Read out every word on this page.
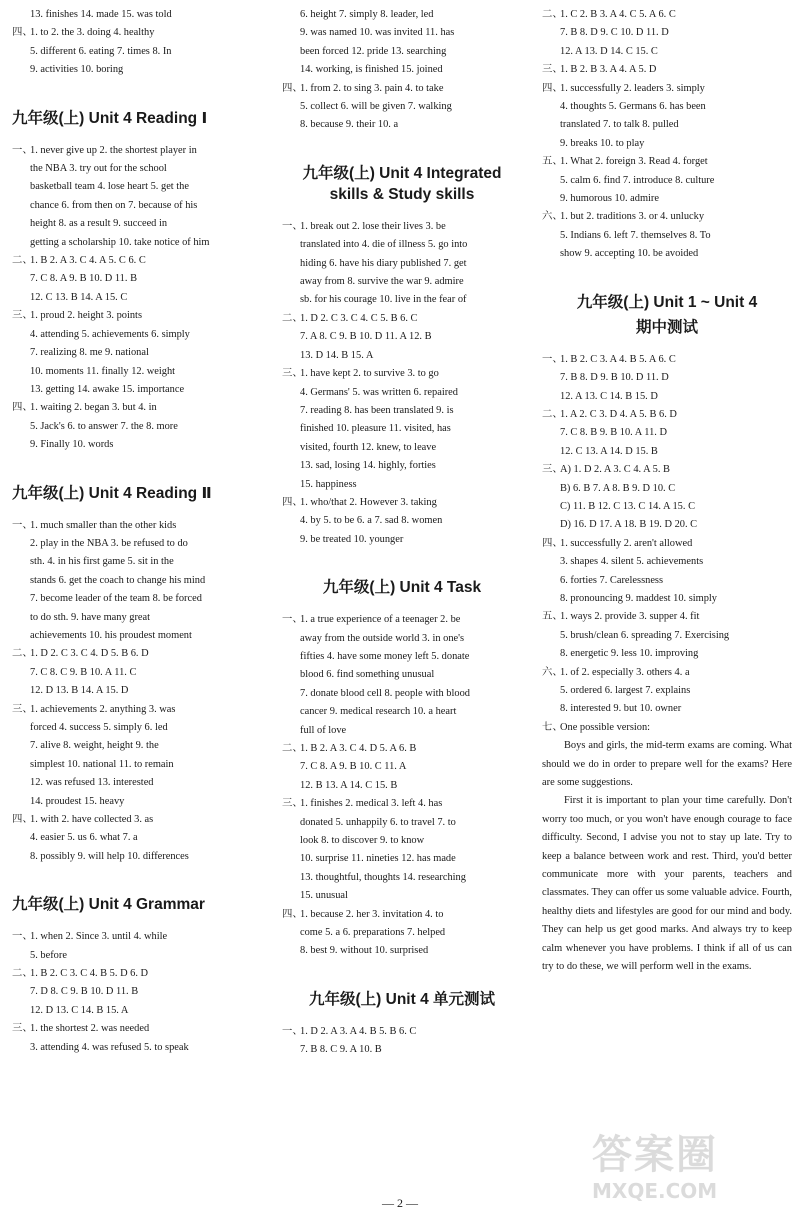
13. finishes 14. made 15. was told
四、1. to 2. the 3. doing 4. healthy
5. different 6. eating 7. times 8. In
9. activities 10. boring
九年级(上) Unit 4 Reading Ⅰ
一、1. never give up 2. the shortest player in
the NBA 3. try out for the school
basketball team 4. lose heart 5. get the
chance 6. from then on 7. because of his
height 8. as a result 9. succeed in
getting a scholarship 10. take notice of him
二、1. B 2. A 3. C 4. A 5. C 6. C
7. C 8. A 9. B 10. D 11. B
12. C 13. B 14. A 15. C
三、1. proud 2. height 3. points
4. attending 5. achievements 6. simply
7. realizing 8. me 9. national
10. moments 11. finally 12. weight
13. getting 14. awake 15. importance
四、1. waiting 2. began 3. but 4. in
5. Jack's 6. to answer 7. the 8. more
9. Finally 10. words
九年级(上) Unit 4 Reading Ⅱ
一、1. much smaller than the other kids
2. play in the NBA 3. be refused to do
sth. 4. in his first game 5. sit in the
stands 6. get the coach to change his mind
7. become leader of the team 8. be forced
to do sth. 9. have many great
achievements 10. his proudest moment
二、1. D 2. C 3. C 4. D 5. B 6. D
7. C 8. C 9. B 10. A 11. C
12. D 13. B 14. A 15. D
三、1. achievements 2. anything 3. was
forced 4. success 5. simply 6. led
7. alive 8. weight, height 9. the
simplest 10. national 11. to remain
12. was refused 13. interested
14. proudest 15. heavy
四、1. with 2. have collected 3. as
4. easier 5. us 6. what 7. a
8. possibly 9. will help 10. differences
九年级(上) Unit 4 Grammar
一、1. when 2. Since 3. until 4. while
5. before
二、1. B 2. C 3. C 4. B 5. D 6. D
7. D 8. C 9. B 10. D 11. B
12. D 13. C 14. B 15. A
三、1. the shortest 2. was needed
3. attending 4. was refused 5. to speak
6. height 7. simply 8. leader, led
9. was named 10. was invited 11. has
been forced 12. pride 13. searching
14. working, is finished 15. joined
四、1. from 2. to sing 3. pain 4. to take
5. collect 6. will be given 7. walking
8. because 9. their 10. a
九年级(上) Unit 4 Integrated
skills & Study skills
一、1. break out 2. lose their lives 3. be
translated into 4. die of illness 5. go into
hiding 6. have his diary published 7. get
away from 8. survive the war 9. admire
sb. for his courage 10. live in the fear of
二、1. D 2. C 3. C 4. C 5. B 6. C
7. A 8. C 9. B 10. D 11. A 12. B
13. D 14. B 15. A
三、1. have kept 2. to survive 3. to go
4. Germans' 5. was written 6. repaired
7. reading 8. has been translated 9. is
finished 10. pleasure 11. visited, has
visited, fourth 12. knew, to leave
13. sad, losing 14. highly, forties
15. happiness
四、1. who/that 2. However 3. taking
4. by 5. to be 6. a 7. sad 8. women
9. be treated 10. younger
九年级(上) Unit 4 Task
一、1. a true experience of a teenager 2. be
away from the outside world 3. in one's
fifties 4. have some money left 5. donate
blood 6. find something unusual
7. donate blood cell 8. people with blood
cancer 9. medical research 10. a heart
full of love
二、1. B 2. A 3. C 4. D 5. A 6. B
7. C 8. A 9. B 10. C 11. A
12. B 13. A 14. C 15. B
三、1. finishes 2. medical 3. left 4. has
donated 5. unhappily 6. to travel 7. to
look 8. to discover 9. to know
10. surprise 11. nineties 12. has made
13. thoughtful, thoughts 14. researching
15. unusual
四、1. because 2. her 3. invitation 4. to
come 5. a 6. preparations 7. helped
8. best 9. without 10. surprised
九年级(上) Unit 4 单元测试
一、1. D 2. A 3. A 4. B 5. B 6. C
7. B 8. C 9. A 10. B
二、1. C 2. B 3. A 4. C 5. A 6. C
7. B 8. D 9. C 10. D 11. D
12. A 13. D 14. C 15. C
三、1. B 2. B 3. A 4. A 5. D
四、1. successfully 2. leaders 3. simply
4. thoughts 5. Germans 6. has been
translated 7. to talk 8. pulled
9. breaks 10. to play
五、1. What 2. foreign 3. Read 4. forget
5. calm 6. find 7. introduce 8. culture
9. humorous 10. admire
六、1. but 2. traditions 3. or 4. unlucky
5. Indians 6. left 7. themselves 8. To
show 9. accepting 10. be avoided
九年级(上) Unit 1 ~ Unit 4
期中测试
一、1. B 2. C 3. A 4. B 5. A 6. C
7. B 8. D 9. B 10. D 11. D
12. A 13. C 14. B 15. D
二、1. A 2. C 3. D 4. A 5. B 6. D
7. C 8. B 9. B 10. A 11. D
12. C 13. A 14. D 15. B
三、A) 1. D 2. A 3. C 4. A 5. B
B) 6. B 7. A 8. B 9. D 10. C
C) 11. B 12. C 13. C 14. A 15. C
D) 16. D 17. A 18. B 19. D 20. C
四、1. successfully 2. aren't allowed
3. shapes 4. silent 5. achievements
6. forties 7. Carelessness
8. pronouncing 9. maddest 10. simply
五、1. ways 2. provide 3. supper 4. fit
5. brush/clean 6. spreading 7. Exercising
8. energetic 9. less 10. improving
六、1. of 2. especially 3. others 4. a
5. ordered 6. largest 7. explains
8. interested 9. but 10. owner
七、One possible version:

Boys and girls, the mid-term exams are coming. What should we do in order to prepare well for the exams? Here are some suggestions.

First it is important to plan your time carefully. Don't worry too much, or you won't have enough courage to face difficulty. Second, I advise you not to stay up late. Try to keep a balance between work and rest. Third, you'd better communicate more with your parents, teachers and classmates. They can offer us some valuable advice. Fourth, healthy diets and lifestyles are good for our mind and body. They can help us get good marks. And always try to keep calm whenever you have problems. I think if all of us can try to do these, we will perform well in the exams.

— 2 —
答案圈
MXQE.COM
